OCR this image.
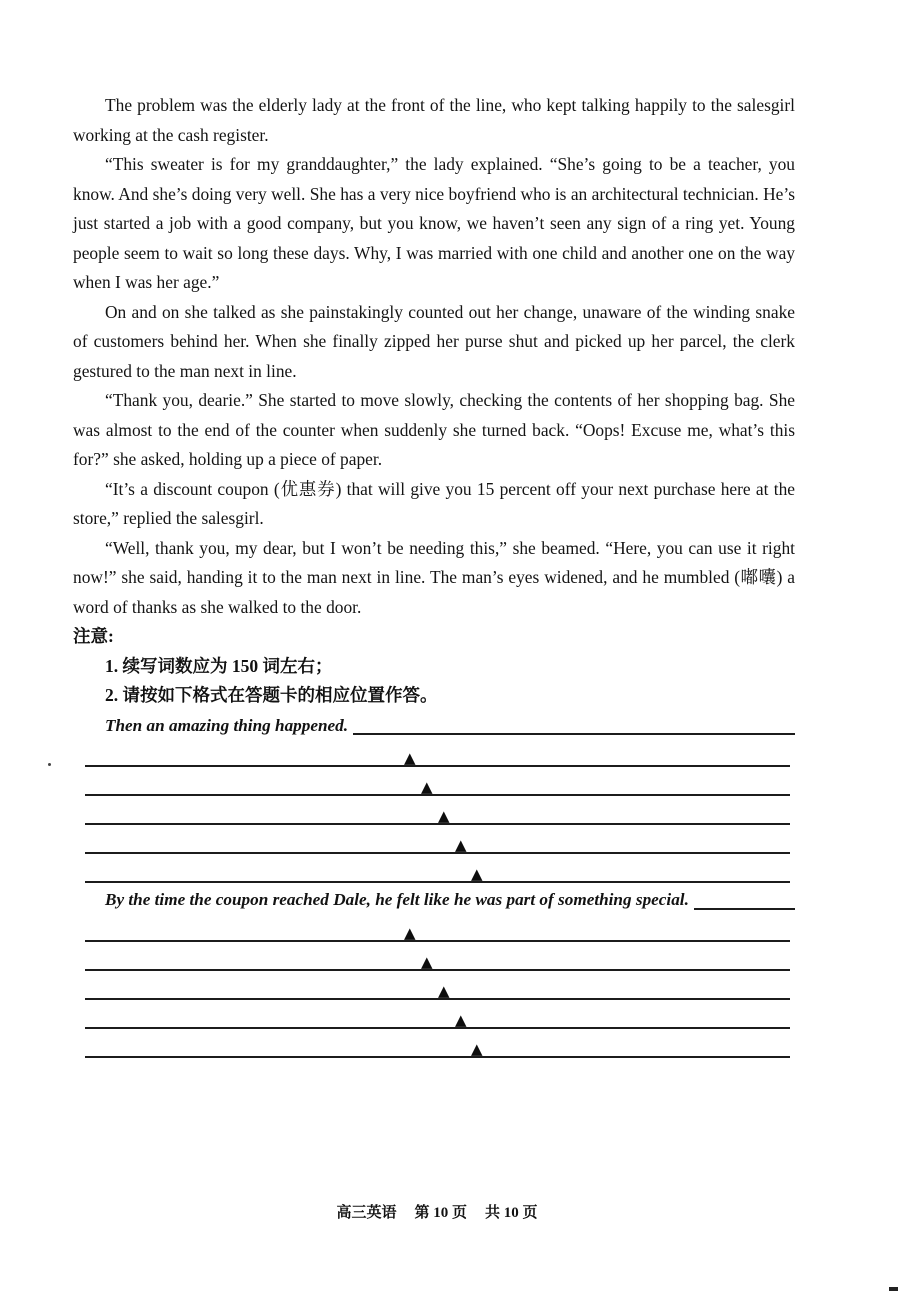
The problem was the elderly lady at the front of the line, who kept talking happily to the salesgirl working at the cash register.

“This sweater is for my granddaughter,” the lady explained. “She’s going to be a teacher, you know. And she’s doing very well. She has a very nice boyfriend who is an architectural technician. He’s just started a job with a good company, but you know, we haven’t seen any sign of a ring yet. Young people seem to wait so long these days. Why, I was married with one child and another one on the way when I was her age.”

On and on she talked as she painstakingly counted out her change, unaware of the winding snake of customers behind her. When she finally zipped her purse shut and picked up her parcel, the clerk gestured to the man next in line.

“Thank you, dearie.” She started to move slowly, checking the contents of her shopping bag. She was almost to the end of the counter when suddenly she turned back. “Oops! Excuse me, what’s this for?” she asked, holding up a piece of paper.

“It’s a discount coupon (优惠券) that will give you 15 percent off your next purchase here at the store,” replied the salesgirl.

“Well, thank you, my dear, but I won’t be needing this,” she beamed. “Here, you can use it right now!” she said, handing it to the man next in line. The man’s eyes widened, and he mumbled (嘟囔) a word of thanks as she walked to the door.

注意:
1. 续写词数应为 150 词左右；
2. 请按如下格式在答题卡的相应位置作答。
Then an amazing thing happened.
▲
▲
▲
▲
▲
By the time the coupon reached Dale, he felt like he was part of something special.
▲
▲
▲
▲
▲
高三英语 第 10 页 共 10 页
